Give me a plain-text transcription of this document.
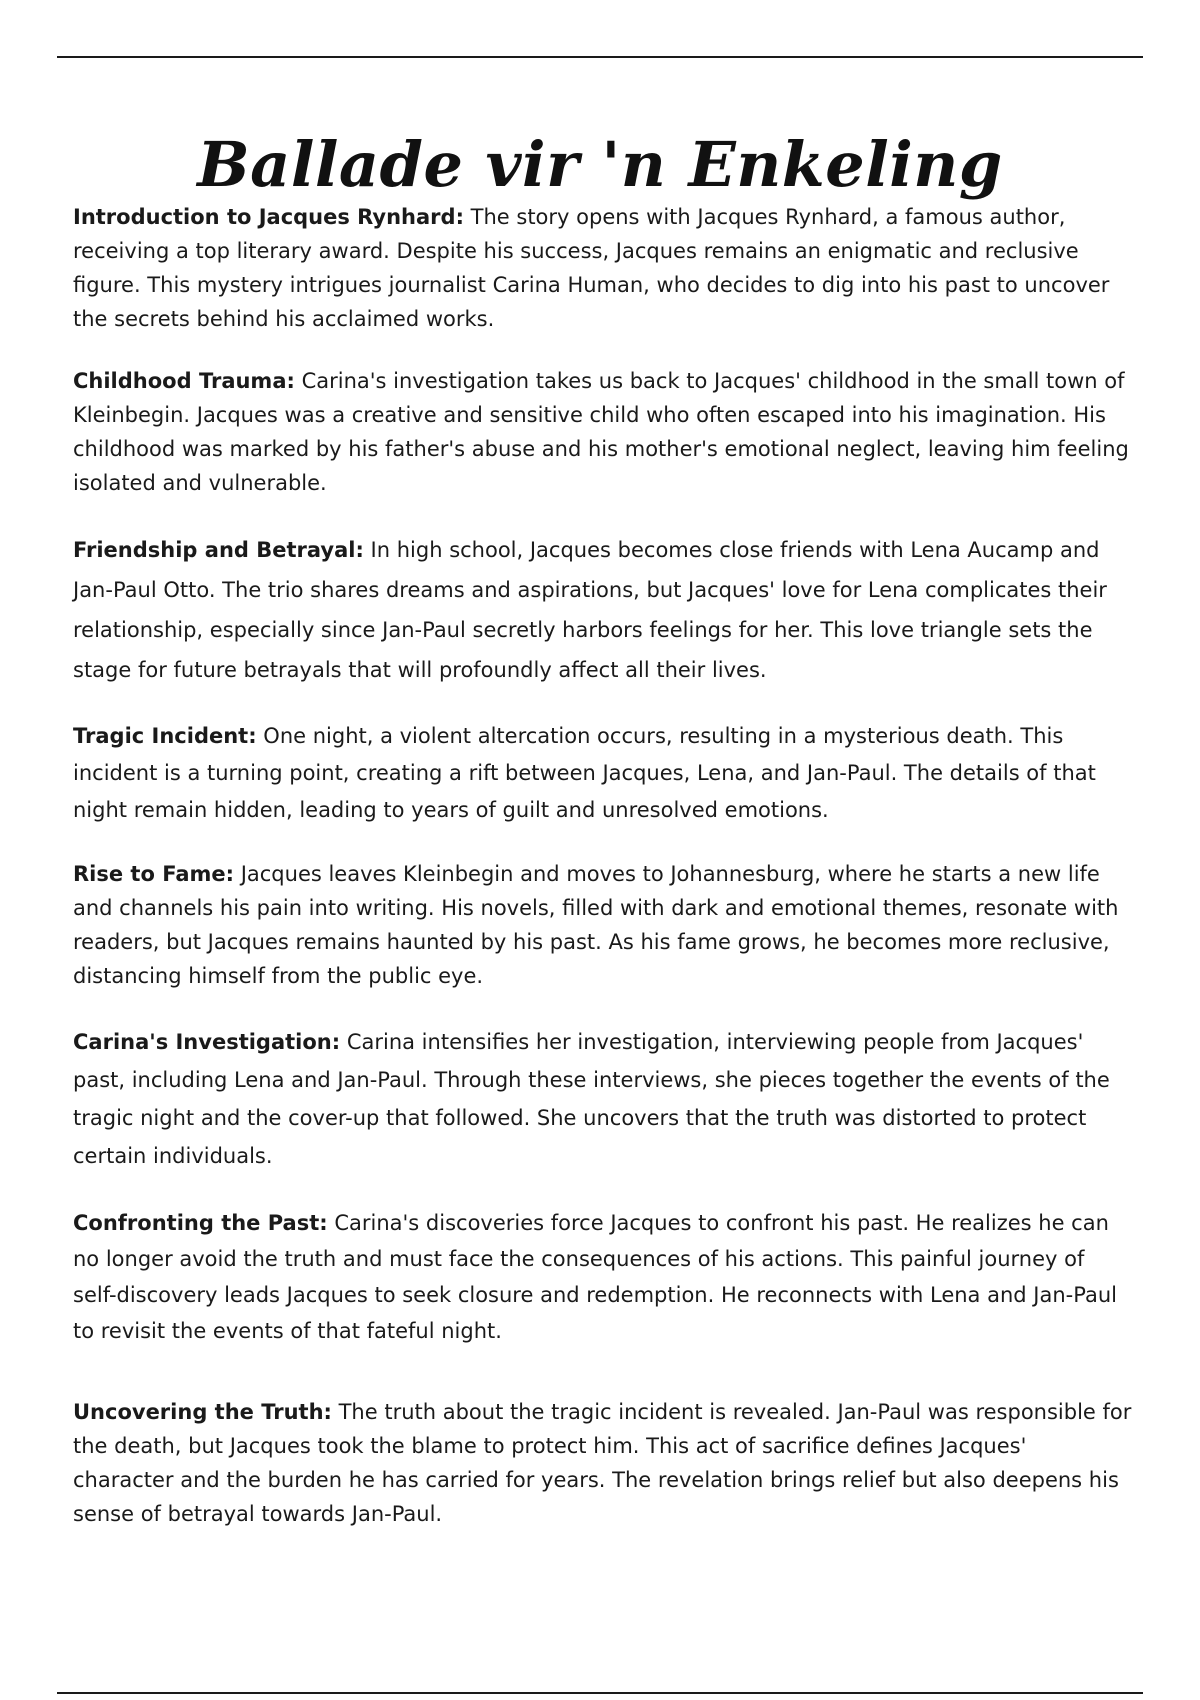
Ballade vir 'n Enkeling

Introduction to Jacques Rynhard: The story opens with Jacques Rynhard, a famous author, receiving a top literary award. Despite his success, Jacques remains an enigmatic and reclusive figure. This mystery intrigues journalist Carina Human, who decides to dig into his past to uncover the secrets behind his acclaimed works.

Childhood Trauma: Carina's investigation takes us back to Jacques' childhood in the small town of Kleinbegin. Jacques was a creative and sensitive child who often escaped into his imagination. His childhood was marked by his father's abuse and his mother's emotional neglect, leaving him feeling isolated and vulnerable.

Friendship and Betrayal: In high school, Jacques becomes close friends with Lena Aucamp and Jan-Paul Otto. The trio shares dreams and aspirations, but Jacques' love for Lena complicates their relationship, especially since Jan-Paul secretly harbors feelings for her. This love triangle sets the stage for future betrayals that will profoundly affect all their lives.

Tragic Incident: One night, a violent altercation occurs, resulting in a mysterious death. This incident is a turning point, creating a rift between Jacques, Lena, and Jan-Paul. The details of that night remain hidden, leading to years of guilt and unresolved emotions.

Rise to Fame: Jacques leaves Kleinbegin and moves to Johannesburg, where he starts a new life and channels his pain into writing. His novels, filled with dark and emotional themes, resonate with readers, but Jacques remains haunted by his past. As his fame grows, he becomes more reclusive, distancing himself from the public eye.

Carina's Investigation: Carina intensifies her investigation, interviewing people from Jacques' past, including Lena and Jan-Paul. Through these interviews, she pieces together the events of the tragic night and the cover-up that followed. She uncovers that the truth was distorted to protect certain individuals.

Confronting the Past: Carina's discoveries force Jacques to confront his past. He realizes he can no longer avoid the truth and must face the consequences of his actions. This painful journey of self-discovery leads Jacques to seek closure and redemption. He reconnects with Lena and Jan-Paul to revisit the events of that fateful night.

Uncovering the Truth: The truth about the tragic incident is revealed. Jan-Paul was responsible for the death, but Jacques took the blame to protect him. This act of sacrifice defines Jacques' character and the burden he has carried for years. The revelation brings relief but also deepens his sense of betrayal towards Jan-Paul.
